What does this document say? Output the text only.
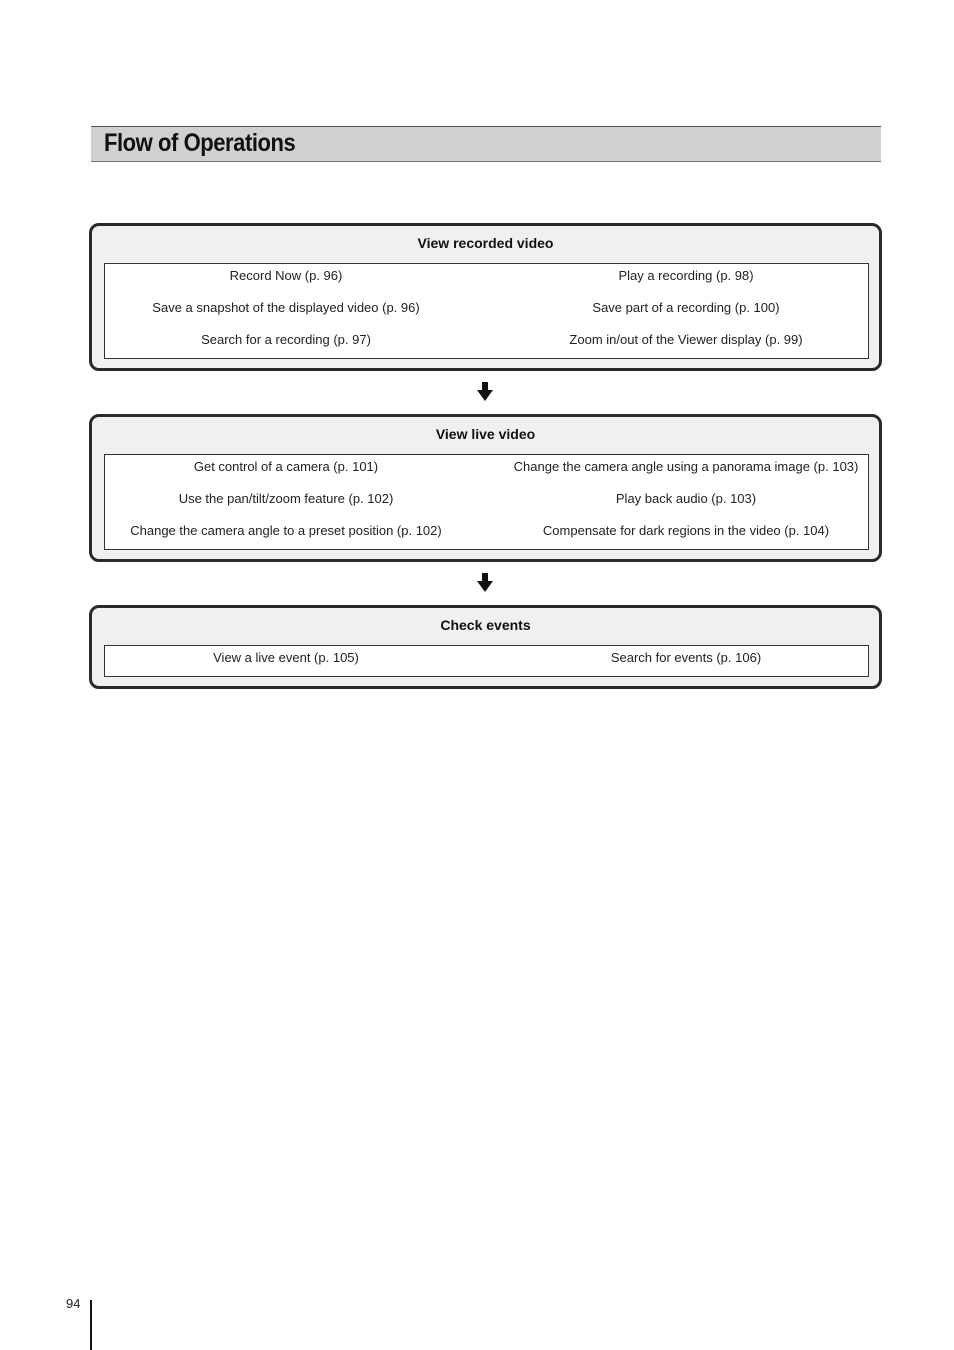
Flow of Operations
View recorded video
Record Now (p. 96)
Save a snapshot of the displayed video (p. 96)
Search for a recording (p. 97)
Play a recording (p. 98)
Save part of a recording (p. 100)
Zoom in/out of the Viewer display (p. 99)
View live video
Get control of a camera (p. 101)
Use the pan/tilt/zoom feature (p. 102)
Change the camera angle to a preset position (p. 102)
Change the camera angle using a panorama image (p. 103)
Play back audio (p. 103)
Compensate for dark regions in the video (p. 104)
Check events
View a live event (p. 105)	Search for events (p. 106)
94
